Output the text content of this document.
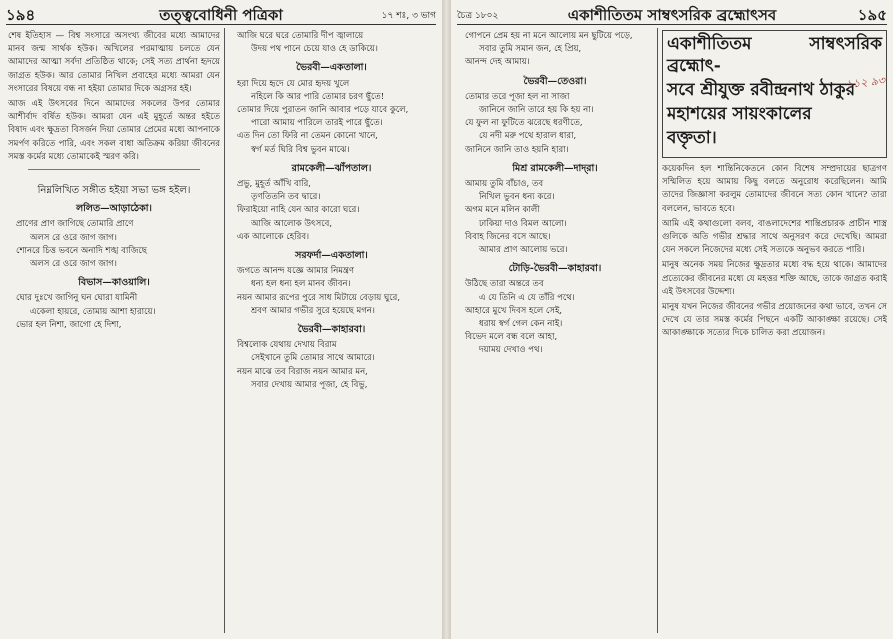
১৯৪	তত্ত্ববোধিনী পত্রিকা	১৭ শঃ, ৩ ভাগ

শেষ ইতিহাস — বিশ্ব সংসারে অসংখ্য জীবের মধ্যে আমাদের মানব জন্ম সার্থক হউক। অখিলের পরমাত্মায় চলতে যেন আমাদের আত্মা সর্বদা প্রতিষ্ঠিত থাকে; সেই সত্য প্রার্থনা হৃদয়ে জাগ্রত হউক। আর তোমার নিখিল প্রবাহের মধ্যে আমরা যেন সংসারের বিষয়ে বন্ধ না হইয়া তোমার দিকে অগ্রসর হই।

আজ এই উৎসবের দিনে আমাদের সকলের উপর তোমার আশীর্বাদ বর্ষিত হউক। আমরা যেন এই মুহূর্তে অন্তর হইতে বিষাদ এবং ক্ষুদ্রতা বিসর্জন দিয়া তোমার প্রেমের মধ্যে আপনাকে সমর্পণ করিতে পারি, এবং সকল বাধা অতিক্রম করিয়া জীবনের সমস্ত কর্মের মধ্যে তোমাকেই স্মরণ করি।

নিম্নলিখিত সঙ্গীত হইয়া সভা ভঙ্গ হইল।
ললিত—আড়াঠেকা।
প্রাণের প্রাণ জাগিছে তোমারি প্রাণে
অলস রে ওরে জাগ জাগ।
শোনরে চিত্ত ভবনে অনাদি শঙ্খ বাজিছে
অলস রে ওরে জাগ জাগ।
বিভাস—কাওয়ালি।
ঘোর দুঃখে জাগিনু ঘন ঘোরা যামিনী
একেলা হায়রে, তোমায় আশা হারায়ে।
ভোর হল নিশা, জাগো হে দিশা,
আজি ঘরে ঘরে তোমারি দীপ জ্বালায়ে
উদয় পথ পানে চেয়ে যাও হে ডাকিয়ে।
ভৈরবী—একতালা।
হরা দিয়ে হৃদে যে মোর হৃদয় খুলে
নহিলে কি আর পারি তোমার চরণ ছুঁতে!
তোমার দিয়ে পুরাতন জানি আবার পড়ে যাবে কুলে,
পারো আমায় পারিলে তারই পারে ছুঁতে।
এত দিন তো ফিরি না তেমন কোনো খানে,
স্বর্গ মর্ত ঘিরি বিশ্ব ভুবন মাঝে।
রামকেলী—ঝাঁপতাল।
প্রভু, মুহূর্ত আঁখি বারি,
তৃণতিতনি তব দ্বারে।
ফিরাইয়ো নাহি যেন আর কারো ঘরে।
আজি আলোক উৎসবে,
এক আলোকে হেরিব।
সরফর্দা—একতালা।
জগতে আনন্দ যজ্ঞে আমার নিমন্ত্রণ
ধন্য হল ধন্য হল মানব জীবন।
নয়ন আমার রূপের পুরে সাধ মিটায়ে বেড়ায় ঘুরে,
শ্রবণ আমার গভীর সুরে হয়েছে মগন।
ভৈরবী—কাহারবা।
বিশ্বলোক যেথায় দেখায় বিরাম
সেইখানে তুমি তোমার সাথে আমারে।
নয়ন মাঝে তব বিরাজ নয়ন আমার মন,
সবার দেখায় আমার পূজা, হে বিভু,
চৈত্র ১৮০২	একাশীতিতম সাম্বৎসরিক ব্রহ্মোৎসব	১৯৫
গোপনে প্রেম হয় না মনে আলোয় মন ছুটিয়ে পড়ে,
সবার তুমি সমান জন, হে প্রিয়,
আনন্দ দেহ আমায়।
ভৈরবী—তেওরা।
তোমার তরে পূজা হল না সাজা
জানিনে জানি তারে হয় কি হয় না।
যে ফুল না ফুটিতে ঝরেছে ধরণীতে,
যে নদী মরু পথে হারাল ধারা,
জানিনে জানি তাও হয়নি হারা।
মিশ্র রামকেলী—দাদ্‌রা।
আমায় তুমি বাঁচাও, তব
নিখিল ভুবন ধন্য করে।
অগম মনে মলিন কালী
ঢাকিয়া দাও বিমল আলো।
বিবাহ জিনের বসে আছে।
আমার প্রাণ আলোয় ভরে।
টোড়ি-ভৈরবী—কাহারবা।
উঠিছে তারা অন্তরে তব
এ যে তিনি এ যে তাঁরি পথে।
আহারে মুখে দিবস হলে সেই,
ধরায় স্বর্গ গেল কেন নাই।
বিভেদ মলে বন্ধ বলে আহা,
দয়াময় দেখাও পথ।

একাশীতিতম সাম্বৎসরিক ব্রহ্মোৎ-

সবে শ্রীযুক্ত রবীন্দ্রনাথ ঠাকুর

মহাশয়ের সায়ংকালের

বক্তৃতা।

কয়েকদিন হল শান্তিনিকেতনে কোন বিশেষ সম্প্রদায়ের ছাত্রগণ সম্মিলিত হয়ে আমায় কিছু বলতে অনুরোধ করেছিলেন। আমি তাদের জিজ্ঞাসা করলুম তোমাদের জীবনে সত্য কোন খানে? তারা বললেন, ভাবতে হবে।

আমি এই কথাগুলো বলব, বাঙলাদেশের শান্তিপ্রচারক প্রাচীন শাস্ত্র গুলিকে অতি গভীর শ্রদ্ধার সাথে অনুসরণ করে দেখেছি। আমরা যেন সকলে নিজেদের মধ্যে সেই সত্যকে অনুভব করতে পারি।

মানুষ অনেক সময় নিজের ক্ষুদ্রতার মধ্যে বদ্ধ হয়ে থাকে। আমাদের প্রত্যেকের জীবনের মধ্যে যে মহত্তর শক্তি আছে, তাকে জাগ্রত করাই এই উৎসবের উদ্দেশ্য।

মানুষ যখন নিজের জীবনের গভীর প্রয়োজনের কথা ভাবে, তখন সে দেখে যে তার সমস্ত কর্মের পিছনে একটি আকাঙ্ক্ষা রয়েছে। সেই আকাঙ্ক্ষাকে সত্যের দিকে চালিত করা প্রয়োজন।

১১২ ৯৩
